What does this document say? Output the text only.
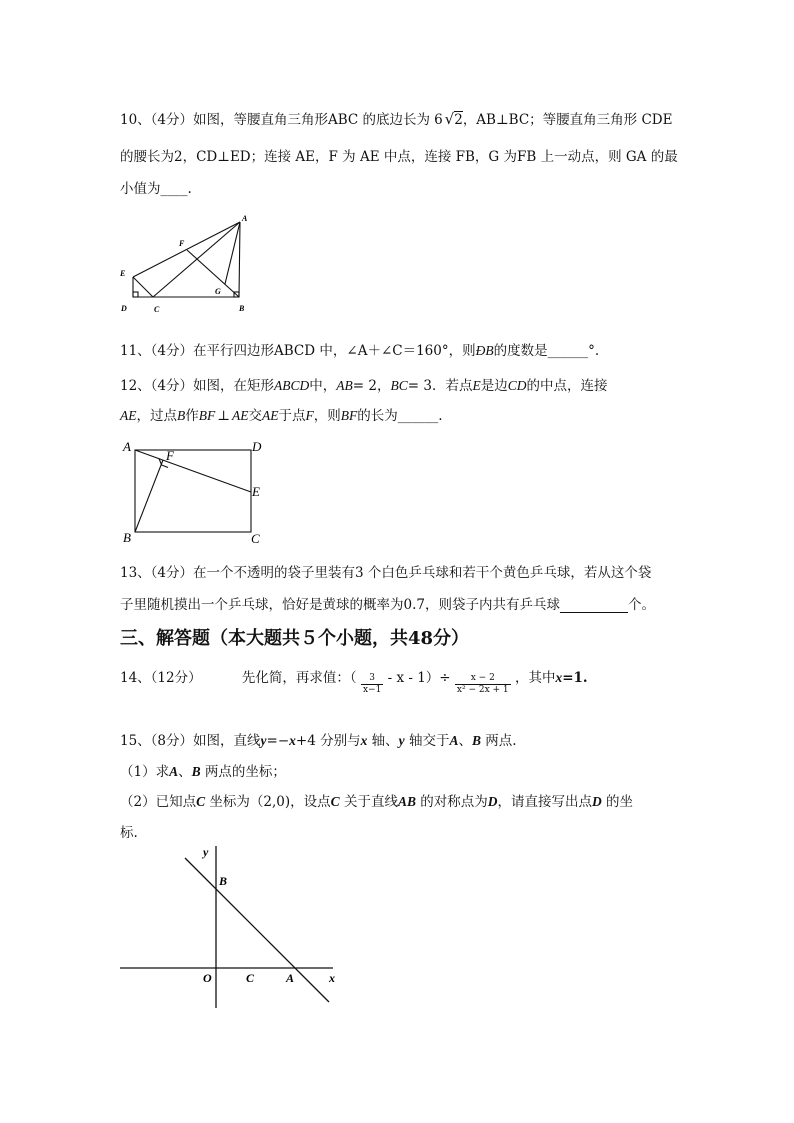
10、（4分）如图，等腰直角三角形ABC 的底边长为 6 √2，AB⊥BC；等腰直角三角形 CDE
的腰长为2，CD⊥ED；连接 AE，F 为 AE 中点，连接 FB，G 为FB 上一动点，则 GA 的最
小值为____.
A
F
E
G
D	C	B
11、（4分）在平行四边形ABCD 中，∠A＋∠C＝160°，则ÐB的度数是______°.
12、（4分）如图，在矩形ABCD中，AB= 2，BC= 3．若点E是边CD的中点，连接
AE，过点B作BF ⊥ AE交AE于点F，则BF的长为______.
A	D
F
E
B	C
13、（4分）在一个不透明的袋子里装有3 个白色乒乓球和若干个黄色乒乓球，若从这个袋
子里随机摸出一个乒乓球，恰好是黄球的概率为0.7，则袋子内共有乒乓球	个。
三、解答题（本大题共５个小题，共48分）
14、（12分）	先化简，再求值：（ $\frac{3}{x-1} - x - 1)\div \frac{x - 2}{\text{x² − 2x + 1}}$ ，其中x=1.
15、（8分）如图，直线y=−x+4 分别与x 轴、y 轴交于A、B 两点.
（1）求A、B 两点的坐标；
（2）已知点C 坐标为（2,0)，设点C 关于直线AB 的对称点为D，请直接写出点D 的坐
标.
y
B
O	C	A	x
